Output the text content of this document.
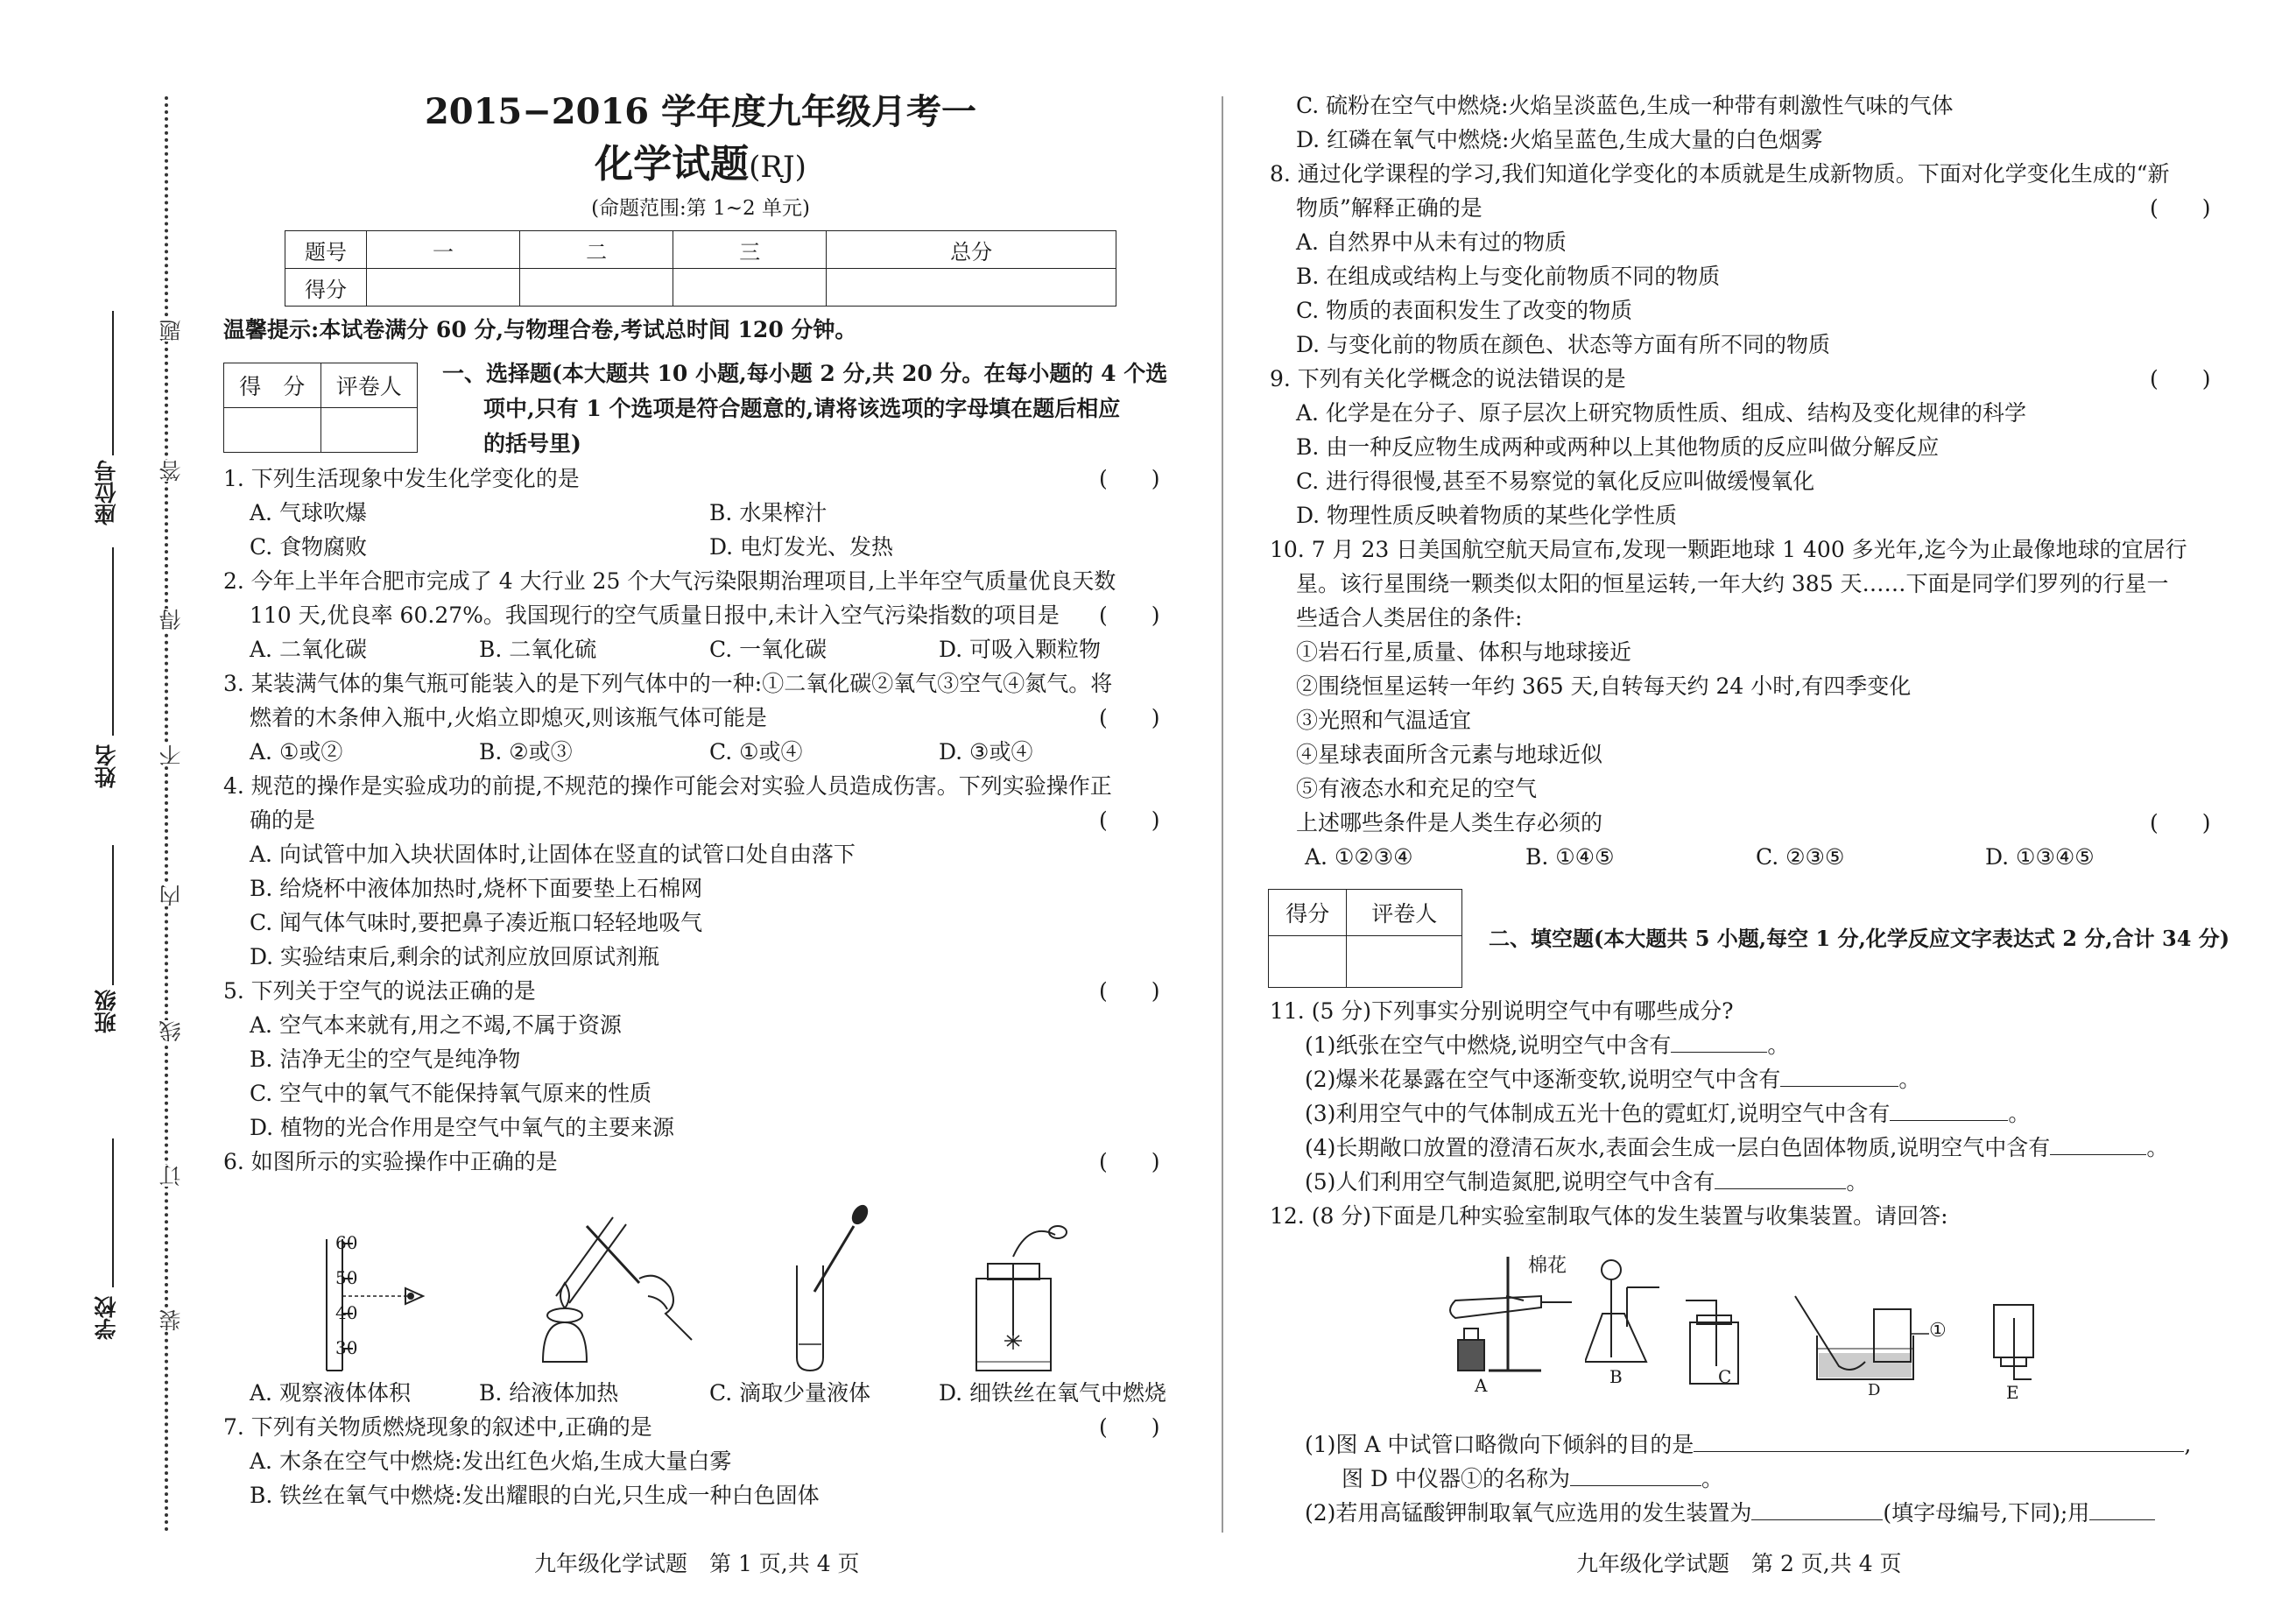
学校
班级
姓名
座位号
装
订
线
内
不
得
答
题
2015−2016 学年度九年级月考一
化学试题(RJ)
(命题范围:第 1~2 单元)
题号	一	二	三	总分
得分				
温馨提示:本试卷满分 60 分,与物理合卷,考试总时间 120 分钟。
得　分	评卷人

一、选择题(本大题共 10 小题,每小题 2 分,共 20 分。在每小题的 4 个选
项中,只有 1 个选项是符合题意的,请将该选项的字母填在题后相应
的括号里)
1. 下列生活现象中发生化学变化的是	(　　)
A. 气球吹爆	B. 水果榨汁
C. 食物腐败	D. 电灯发光、发热
2. 今年上半年合肥市完成了 4 大行业 25 个大气污染限期治理项目,上半年空气质量优良天数
110 天,优良率 60.27%。我国现行的空气质量日报中,未计入空气污染指数的项目是 (　　)
A. 二氧化碳	B. 二氧化硫	C. 一氧化碳	D. 可吸入颗粒物
3. 某装满气体的集气瓶可能装入的是下列气体中的一种:①二氧化碳②氧气③空气④氮气。将
燃着的木条伸入瓶中,火焰立即熄灭,则该瓶气体可能是	(　　)
A. ①或②	B. ②或③	C. ①或④	D. ③或④
4. 规范的操作是实验成功的前提,不规范的操作可能会对实验人员造成伤害。下列实验操作正
确的是	(　　)
A. 向试管中加入块状固体时,让固体在竖直的试管口处自由落下
B. 给烧杯中液体加热时,烧杯下面要垫上石棉网
C. 闻气体气味时,要把鼻子凑近瓶口轻轻地吸气
D. 实验结束后,剩余的试剂应放回原试剂瓶
5. 下列关于空气的说法正确的是	(　　)
A. 空气本来就有,用之不竭,不属于资源
B. 洁净无尘的空气是纯净物
C. 空气中的氧气不能保持氧气原来的性质
D. 植物的光合作用是空气中氧气的主要来源
6. 如图所示的实验操作中正确的是	(　　)
60
50
40
30
A. 观察液体体积	B. 给液体加热	C. 滴取少量液体	D. 细铁丝在氧气中燃烧
7. 下列有关物质燃烧现象的叙述中,正确的是	(　　)
A. 木条在空气中燃烧:发出红色火焰,生成大量白雾
B. 铁丝在氧气中燃烧:发出耀眼的白光,只生成一种白色固体
九年级化学试题　第 1 页,共 4 页
C. 硫粉在空气中燃烧:火焰呈淡蓝色,生成一种带有刺激性气味的气体
D. 红磷在氧气中燃烧:火焰呈蓝色,生成大量的白色烟雾
8. 通过化学课程的学习,我们知道化学变化的本质就是生成新物质。下面对化学变化生成的“新
物质”解释正确的是	(　　)
A. 自然界中从未有过的物质
B. 在组成或结构上与变化前物质不同的物质
C. 物质的表面积发生了改变的物质
D. 与变化前的物质在颜色、状态等方面有所不同的物质
9. 下列有关化学概念的说法错误的是	(　　)
A. 化学是在分子、原子层次上研究物质性质、组成、结构及变化规律的科学
B. 由一种反应物生成两种或两种以上其他物质的反应叫做分解反应
C. 进行得很慢,甚至不易察觉的氧化反应叫做缓慢氧化
D. 物理性质反映着物质的某些化学性质
10. 7 月 23 日美国航空航天局宣布,发现一颗距地球 1 400 多光年,迄今为止最像地球的宜居行
星。该行星围绕一颗类似太阳的恒星运转,一年大约 385 天……下面是同学们罗列的行星一
些适合人类居住的条件:
①岩石行星,质量、体积与地球接近
②围绕恒星运转一年约 365 天,自转每天约 24 小时,有四季变化
③光照和气温适宜
④星球表面所含元素与地球近似
⑤有液态水和充足的空气
上述哪些条件是人类生存必须的	(　　)
A. ①②③④	B. ①④⑤	C. ②③⑤	D. ①③④⑤
得分	评卷人

二、填空题(本大题共 5 小题,每空 1 分,化学反应文字表达式 2 分,合计 34 分)
11. (5 分)下列事实分别说明空气中有哪些成分?
(1)纸张在空气中燃烧,说明空气中含有	。
(2)爆米花暴露在空气中逐渐变软,说明空气中含有	。
(3)利用空气中的气体制成五光十色的霓虹灯,说明空气中含有	。
(4)长期敞口放置的澄清石灰水,表面会生成一层白色固体物质,说明空气中含有	。
(5)人们利用空气制造氮肥,说明空气中含有	。
12. (8 分)下面是几种实验室制取气体的发生装置与收集装置。请回答:
A
棉花
B	C
①
D	E
(1)图 A 中试管口略微向下倾斜的目的是	,
图 D 中仪器①的名称为	。
(2)若用高锰酸钾制取氧气应选用的发生装置为	(填字母编号,下同);用
九年级化学试题　第 2 页,共 4 页
